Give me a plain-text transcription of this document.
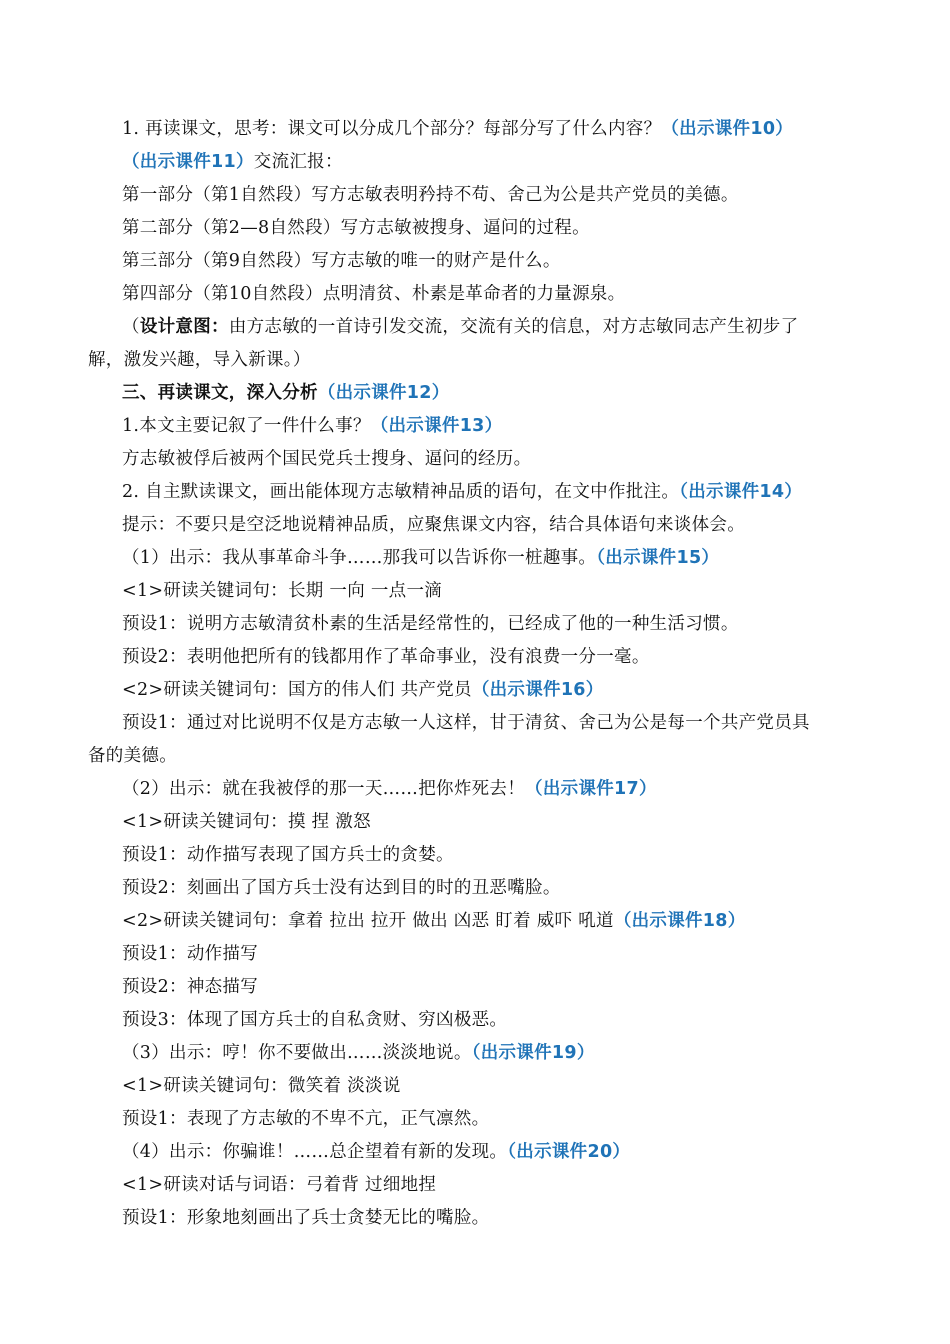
1. 再读课文，思考：课文可以分成几个部分？每部分写了什么内容？（出示课件10）
（出示课件11）交流汇报：
第一部分（第1自然段）写方志敏表明矜持不苟、舍己为公是共产党员的美德。
第二部分（第2—8自然段）写方志敏被搜身、逼问的过程。
第三部分（第9自然段）写方志敏的唯一的财产是什么。
第四部分（第10自然段）点明清贫、朴素是革命者的力量源泉。
（设计意图：由方志敏的一首诗引发交流，交流有关的信息，对方志敏同志产生初步了
解，激发兴趣，导入新课。）
三、再读课文，深入分析（出示课件12）
1.本文主要记叙了一件什么事？（出示课件13）
方志敏被俘后被两个国民党兵士搜身、逼问的经历。
2. 自主默读课文，画出能体现方志敏精神品质的语句，在文中作批注。（出示课件14）
提示：不要只是空泛地说精神品质，应聚焦课文内容，结合具体语句来谈体会。
（1）出示：我从事革命斗争……那我可以告诉你一桩趣事。（出示课件15）
<1>研读关键词句：长期 一向 一点一滴
预设1：说明方志敏清贫朴素的生活是经常性的，已经成了他的一种生活习惯。
预设2：表明他把所有的钱都用作了革命事业，没有浪费一分一毫。
<2>研读关键词句：国方的伟人们 共产党员（出示课件16）
预设1：通过对比说明不仅是方志敏一人这样，甘于清贫、舍己为公是每一个共产党员具
备的美德。
（2）出示：就在我被俘的那一天……把你炸死去！（出示课件17）
<1>研读关键词句：摸 捏 激怒
预设1：动作描写表现了国方兵士的贪婪。
预设2：刻画出了国方兵士没有达到目的时的丑恶嘴脸。
<2>研读关键词句：拿着 拉出 拉开 做出 凶恶 盯着 威吓 吼道（出示课件18）
预设1：动作描写
预设2：神态描写
预设3：体现了国方兵士的自私贪财、穷凶极恶。
（3）出示：哼！你不要做出……淡淡地说。（出示课件19）
<1>研读关键词句：微笑着 淡淡说
预设1：表现了方志敏的不卑不亢，正气凛然。
（4）出示：你骗谁！……总企望着有新的发现。（出示课件20）
<1>研读对话与词语：弓着背 过细地捏
预设1：形象地刻画出了兵士贪婪无比的嘴脸。
